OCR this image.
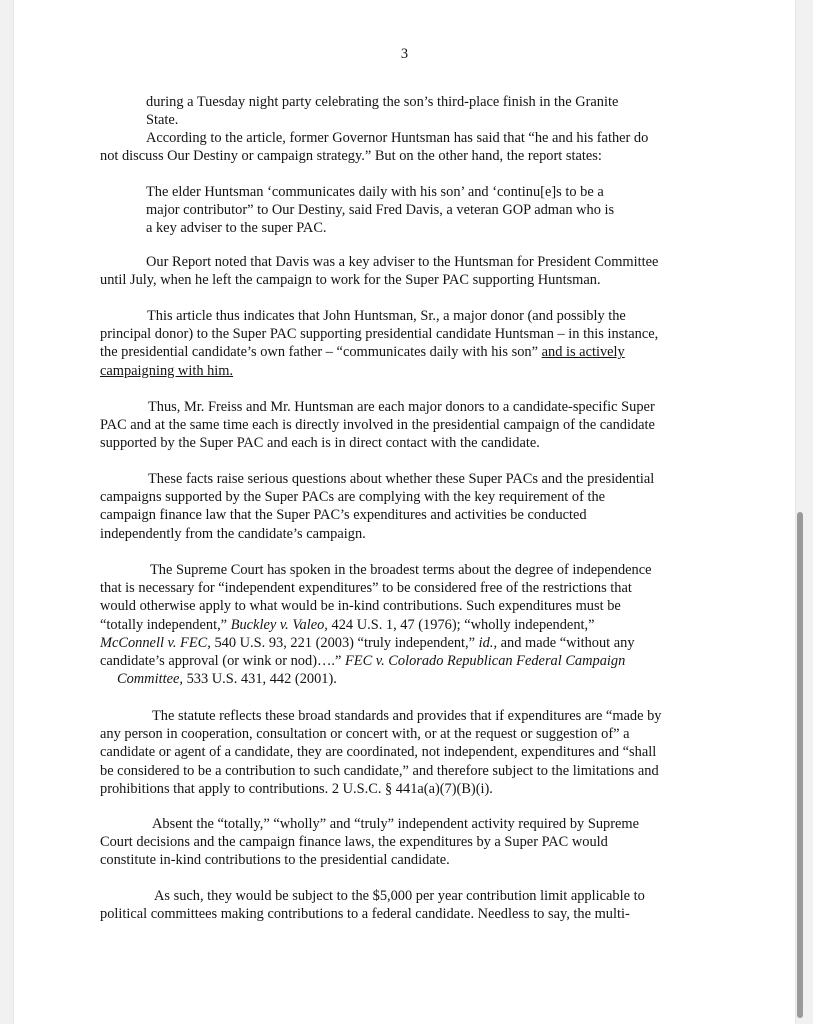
3
during a Tuesday night party celebrating the son’s third-place finish in the Granite
State.
According to the article, former Governor Huntsman has said that “he and his father do
not discuss Our Destiny or campaign strategy.” But on the other hand, the report states:
The elder Huntsman ‘communicates daily with his son’ and ‘continu[e]s to be a
major contributor” to Our Destiny, said Fred Davis, a veteran GOP adman who is
a key adviser to the super PAC.
Our Report noted that Davis was a key adviser to the Huntsman for President Committee
until July, when he left the campaign to work for the Super PAC supporting Huntsman.
This article thus indicates that John Huntsman, Sr., a major donor (and possibly the
principal donor) to the Super PAC supporting presidential candidate Huntsman – in this instance,
the presidential candidate’s own father – “communicates daily with his son” and is actively
campaigning with him.
Thus, Mr. Freiss and Mr. Huntsman are each major donors to a candidate-specific Super
PAC and at the same time each is directly involved in the presidential campaign of the candidate
supported by the Super PAC and each is in direct contact with the candidate.
These facts raise serious questions about whether these Super PACs and the presidential
campaigns supported by the Super PACs are complying with the key requirement of the
campaign finance law that the Super PAC’s expenditures and activities be conducted
independently from the candidate’s campaign.
The Supreme Court has spoken in the broadest terms about the degree of independence
that is necessary for “independent expenditures” to be considered free of the restrictions that
would otherwise apply to what would be in-kind contributions. Such expenditures must be
“totally independent,” Buckley v. Valeo, 424 U.S. 1, 47 (1976); “wholly independent,”
McConnell v. FEC, 540 U.S. 93, 221 (2003) “truly independent,” id., and made “without any
candidate’s approval (or wink or nod)….” FEC v. Colorado Republican Federal Campaign
Committee, 533 U.S. 431, 442 (2001).
The statute reflects these broad standards and provides that if expenditures are “made by
any person in cooperation, consultation or concert with, or at the request or suggestion of” a
candidate or agent of a candidate, they are coordinated, not independent, expenditures and “shall
be considered to be a contribution to such candidate,” and therefore subject to the limitations and
prohibitions that apply to contributions. 2 U.S.C. § 441a(a)(7)(B)(i).
Absent the “totally,” “wholly” and “truly” independent activity required by Supreme
Court decisions and the campaign finance laws, the expenditures by a Super PAC would
constitute in-kind contributions to the presidential candidate.
As such, they would be subject to the $5,000 per year contribution limit applicable to
political committees making contributions to a federal candidate. Needless to say, the multi-
